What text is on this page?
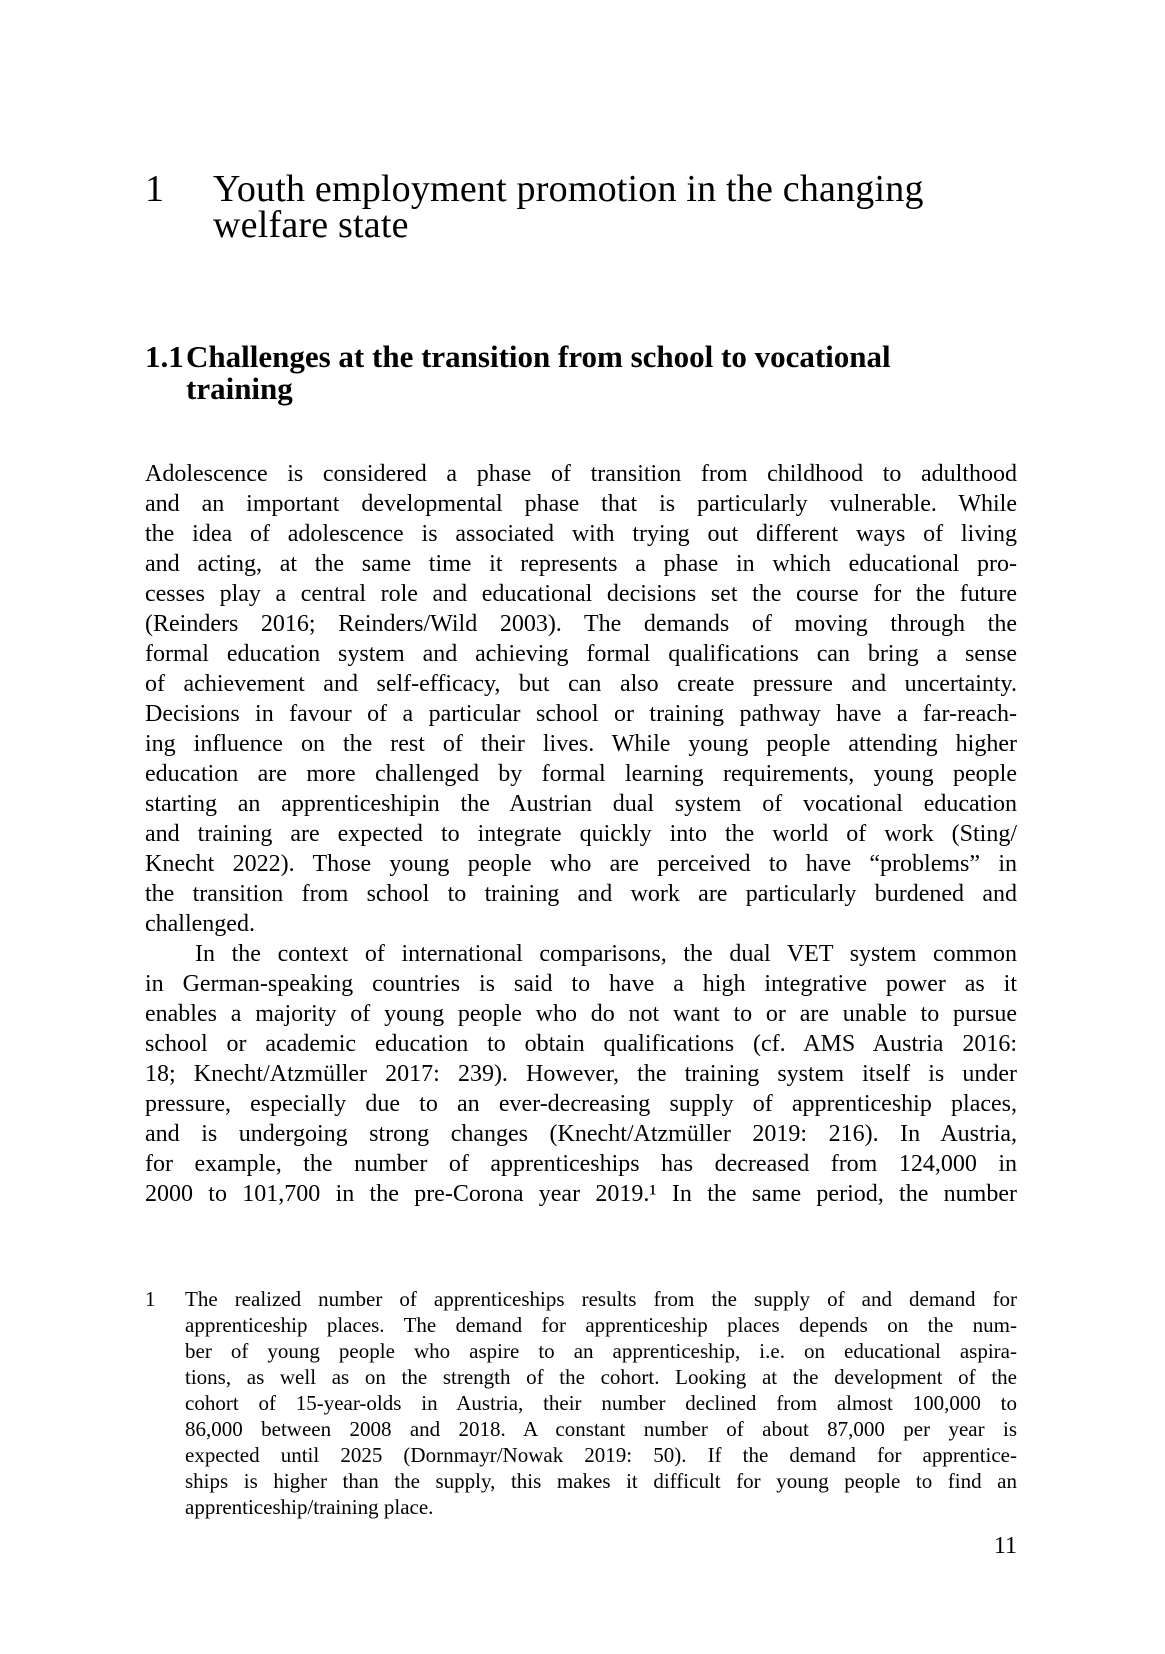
1	Youth employment promotion in the changing
welfare state
1.1 Challenges at the transition from school to vocational
training
Adolescence is considered a phase of transition from childhood to adulthood
and an important developmental phase that is particularly vulnerable. While
the idea of adolescence is associated with trying out different ways of living
and acting, at the same time it represents a phase in which educational pro-
cesses play a central role and educational decisions set the course for the future
(Reinders 2016; Reinders/Wild 2003). The demands of moving through the
formal education system and achieving formal qualifications can bring a sense
of achievement and self-efficacy, but can also create pressure and uncertainty.
Decisions in favour of a particular school or training pathway have a far-reach-
ing influence on the rest of their lives. While young people attending higher
education are more challenged by formal learning requirements, young people
starting an apprenticeshipin the Austrian dual system of vocational education
and training are expected to integrate quickly into the world of work (Sting/
Knecht 2022). Those young people who are perceived to have “problems” in
the transition from school to training and work are particularly burdened and
challenged.
In the context of international comparisons, the dual VET system common
in German-speaking countries is said to have a high integrative power as it
enables a majority of young people who do not want to or are unable to pursue
school or academic education to obtain qualifications (cf. AMS Austria 2016:
18; Knecht/Atzmüller 2017: 239). However, the training system itself is under
pressure, especially due to an ever-decreasing supply of apprenticeship places,
and is undergoing strong changes (Knecht/Atzmüller 2019: 216). In Austria,
for example, the number of apprenticeships has decreased from 124,000 in
2000 to 101,700 in the pre-Corona year 2019.¹ In the same period, the number
1	The realized number of apprenticeships results from the supply of and demand for
apprenticeship places. The demand for apprenticeship places depends on the num-
ber of young people who aspire to an apprenticeship, i.e. on educational aspira-
tions, as well as on the strength of the cohort. Looking at the development of the
cohort of 15-year-olds in Austria, their number declined from almost 100,000 to
86,000 between 2008 and 2018. A constant number of about 87,000 per year is
expected until 2025 (Dornmayr/Nowak 2019: 50). If the demand for apprentice-
ships is higher than the supply, this makes it difficult for young people to find an
apprenticeship/training place.
11
